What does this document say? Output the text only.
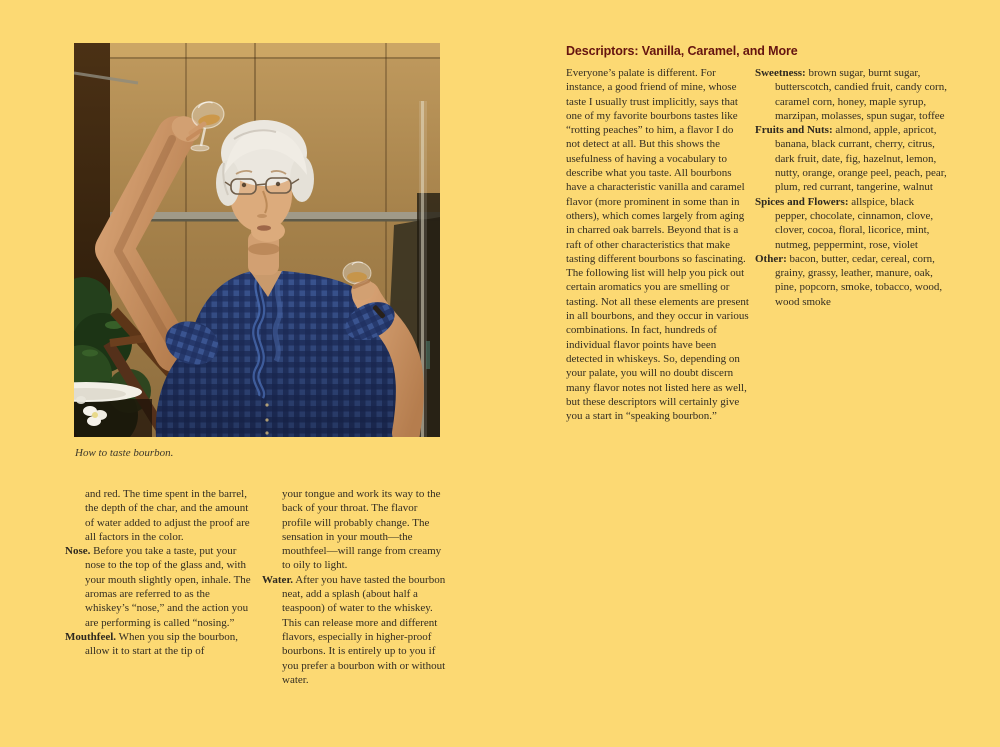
How to taste bourbon.

and red. The time spent in the barrel, the depth of the char, and the amount of water added to adjust the proof are all factors in the color.

Nose. Before you take a taste, put your nose to the top of the glass and, with your mouth slightly open, inhale. The aromas are referred to as the whiskey’s “nose,” and the action you are performing is called “nosing.”

Mouthfeel. When you sip the bourbon, allow it to start at the tip of

your tongue and work its way to the back of your throat. The flavor profile will probably change. The sensation in your mouth—the mouthfeel—will range from creamy to oily to light.

Water. After you have tasted the bourbon neat, add a splash (about half a teaspoon) of water to the whiskey. This can release more and different flavors, especially in higher-proof bourbons. It is entirely up to you if you prefer a bourbon with or without water.

Descriptors: Vanilla, Caramel, and More

Everyone’s palate is different. For instance, a good friend of mine, whose taste I usually trust implicitly, says that one of my favorite bourbons tastes like “rotting peaches” to him, a flavor I do not detect at all. But this shows the usefulness of having a vocabulary to describe what you taste. All bourbons have a characteristic vanilla and caramel flavor (more prominent in some than in others), which comes largely from aging in charred oak barrels. Beyond that is a raft of other characteristics that make tasting different bourbons so fascinating. The following list will help you pick out certain aromatics you are smelling or tasting. Not all these elements are present in all bourbons, and they occur in various combinations. In fact, hundreds of individual flavor points have been detected in whiskeys. So, depending on your palate, you will no doubt discern many flavor notes not listed here as well, but these descriptors will certainly give you a start in “speaking bourbon.”

Sweetness: brown sugar, burnt sugar, butterscotch, candied fruit, candy corn, caramel corn, honey, maple syrup, marzipan, molasses, spun sugar, toffee

Fruits and Nuts: almond, apple, apricot, banana, black currant, cherry, citrus, dark fruit, date, fig, hazelnut, lemon, nutty, orange, orange peel, peach, pear, plum, red currant, tangerine, walnut

Spices and Flowers: allspice, black pepper, chocolate, cinnamon, clove, clover, cocoa, floral, licorice, mint, nutmeg, peppermint, rose, violet

Other: bacon, butter, cedar, cereal, corn, grainy, grassy, leather, manure, oak, pine, popcorn, smoke, tobacco, wood, wood smoke
